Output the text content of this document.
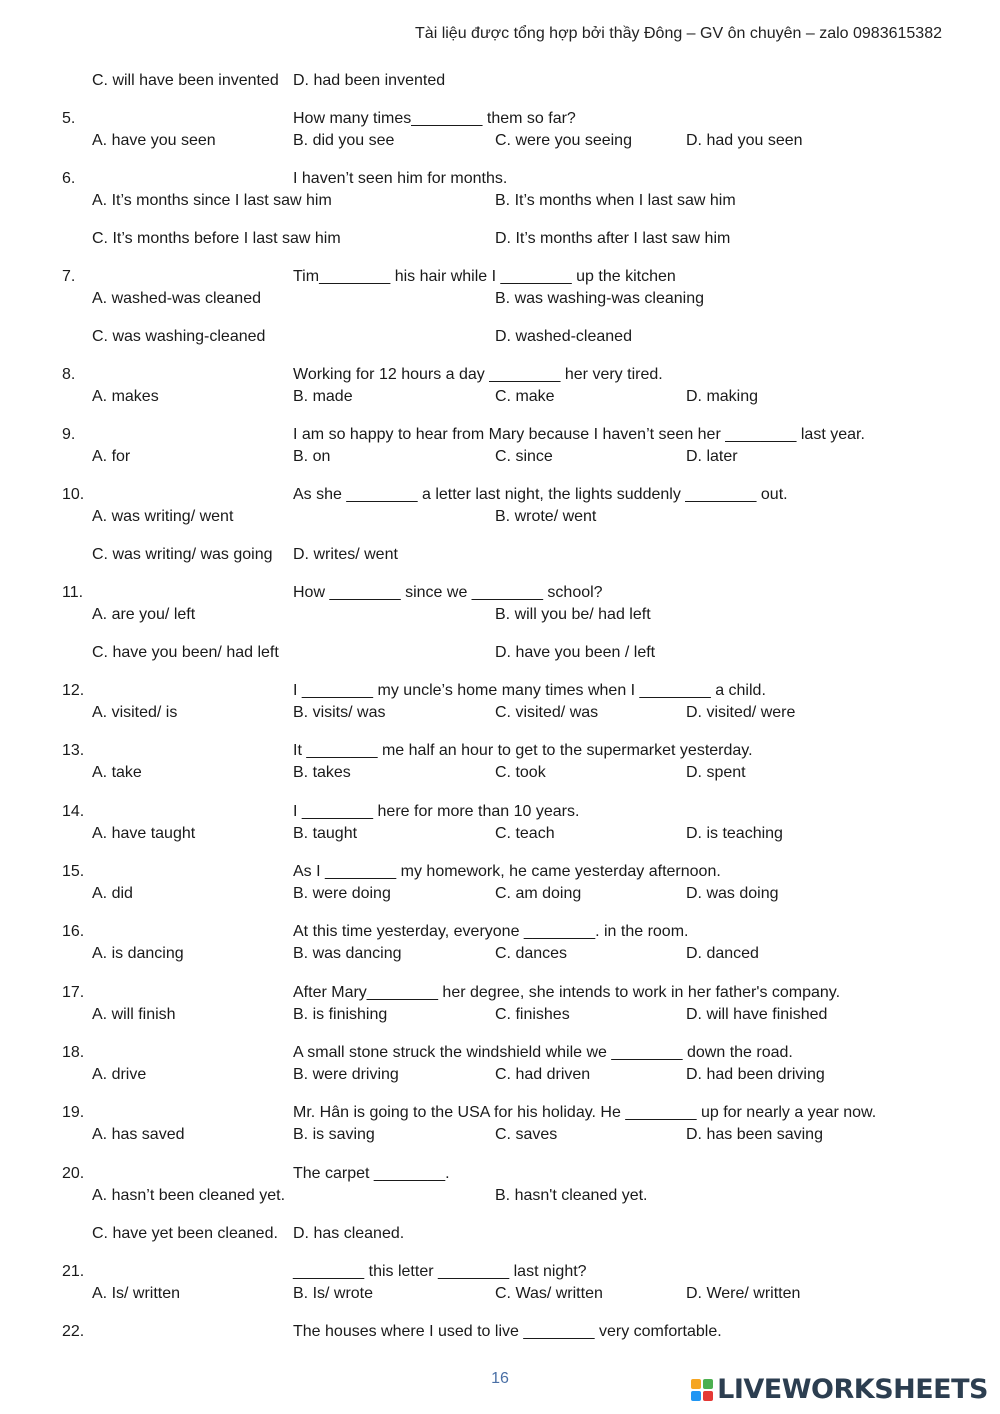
Tài liệu được tổng hợp bởi thầy Đông – GV ôn chuyên – zalo 0983615382
C. will have been invented D. had been invented
5.	How many times________ them so far?
A. have you seen	B. did you see	C. were you seeing	D. had you seen
6.	I haven’t seen him for months.
A. It’s months since I last saw him	B. It’s months when I last saw him
C. It’s months before I last saw him	D. It’s months after I last saw him
7.	Tim________ his hair while I ________ up the kitchen
A. washed-was cleaned	B. was washing-was cleaning
C. was washing-cleaned	D. washed-cleaned
8.	Working for 12 hours a day ________ her very tired.
A. makes	B. made	C. make	D. making
9.	I am so happy to hear from Mary because I haven’t seen her ________ last year.
A. for	B. on	C. since	D. later
10.	As she ________ a letter last night, the lights suddenly ________ out.
A. was writing/ went	B. wrote/ went
C. was writing/ was going D. writes/ went
11.	How ________ since we ________ school?
A. are you/ left	B. will you be/ had left
C. have you been/ had left	D. have you been / left
12.	I ________ my uncle’s home many times when I ________ a child.
A. visited/ is	B. visits/ was	C. visited/ was	D. visited/ were
13.	It ________ me half an hour to get to the supermarket yesterday.
A. take	B. takes	C. took	D. spent
14.	I ________ here for more than 10 years.
A. have taught	B. taught	C. teach	D. is teaching
15.	As I ________ my homework, he came yesterday afternoon.
A. did	B. were doing	C. am doing	D. was doing
16.	At this time yesterday, everyone ________. in the room.
A. is dancing	B. was dancing	C. dances	D. danced
17.	After Mary________ her degree, she intends to work in her father's company.
A. will finish	B. is finishing	C. finishes	D. will have finished
18.	A small stone struck the windshield while we ________ down the road.
A. drive	B. were driving	C. had driven	D. had been driving
19.	Mr. Hân is going to the USA for his holiday. He ________ up for nearly a year now.
A. has saved	B. is saving	C. saves	D. has been saving
20.	The carpet ________.
A. hasn’t been cleaned yet.	B. hasn't cleaned yet.
C. have yet been cleaned. D. has cleaned.
21.	________ this letter ________ last night?
A. Is/ written	B. Is/ wrote	C. Was/ written	D. Were/ written
22.	The houses where I used to live ________ very comfortable.
16	LIVEWORKSHEETS
